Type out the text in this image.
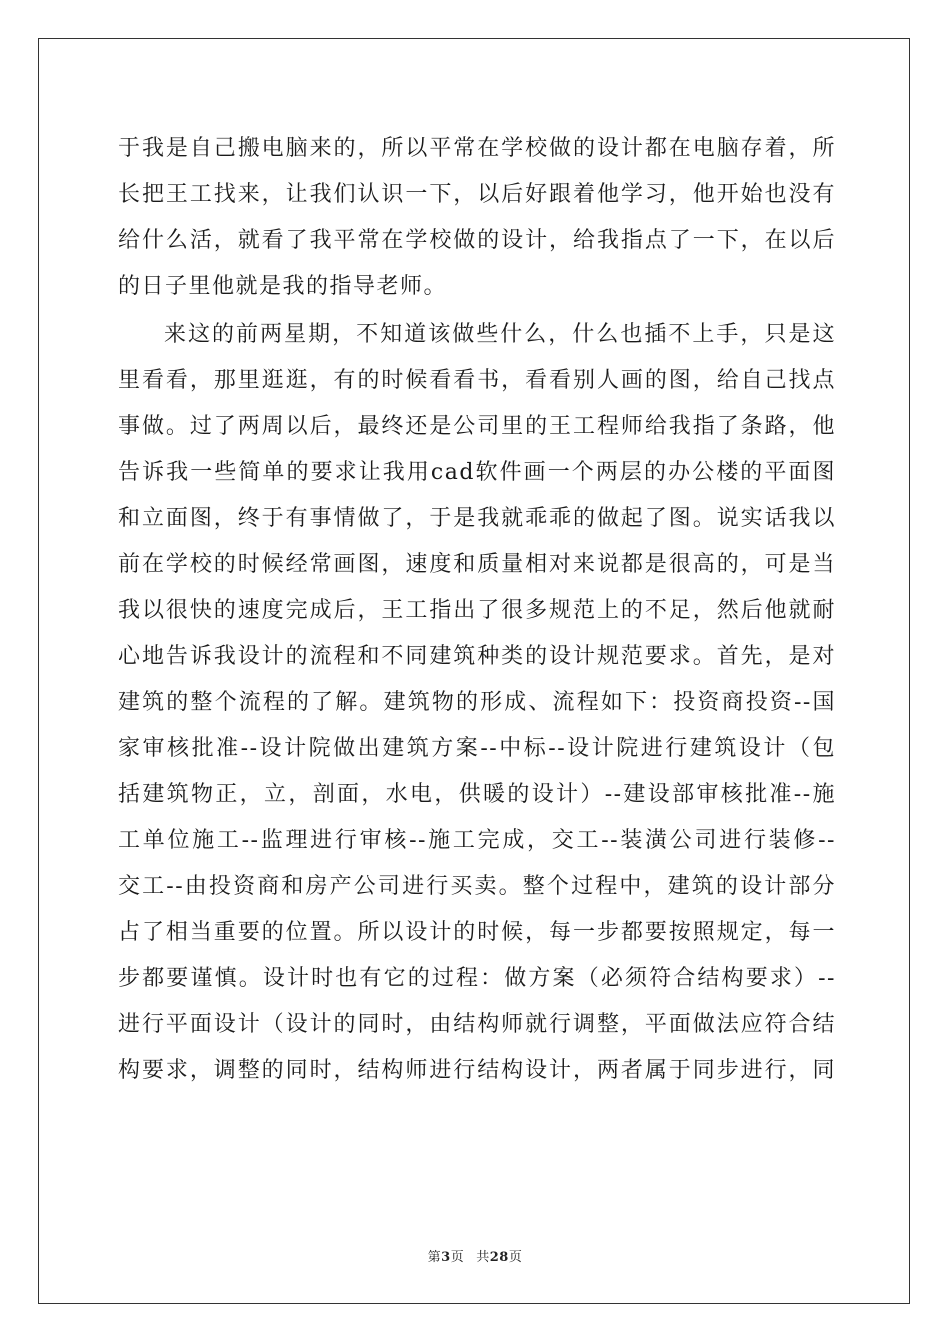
于我是自己搬电脑来的，所以平常在学校做的设计都在电脑存着，所
长把王工找来，让我们认识一下，以后好跟着他学习，他开始也没有
给什么活，就看了我平常在学校做的设计，给我指点了一下，在以后
的日子里他就是我的指导老师。
来这的前两星期，不知道该做些什么，什么也插不上手，只是这
里看看，那里逛逛，有的时候看看书，看看别人画的图，给自己找点
事做。过了两周以后，最终还是公司里的王工程师给我指了条路，他
告诉我一些简单的要求让我用cad软件画一个两层的办公楼的平面图
和立面图，终于有事情做了，于是我就乖乖的做起了图。说实话我以
前在学校的时候经常画图，速度和质量相对来说都是很高的，可是当
我以很快的速度完成后，王工指出了很多规范上的不足，然后他就耐
心地告诉我设计的流程和不同建筑种类的设计规范要求。首先，是对
建筑的整个流程的了解。建筑物的形成、流程如下：投资商投资--国
家审核批准--设计院做出建筑方案--中标--设计院进行建筑设计（包
括建筑物正，立，剖面，水电，供暖的设计）--建设部审核批准--施
工单位施工--监理进行审核--施工完成，交工--装潢公司进行装修--
交工--由投资商和房产公司进行买卖。整个过程中，建筑的设计部分
占了相当重要的位置。所以设计的时候，每一步都要按照规定，每一
步都要谨慎。设计时也有它的过程：做方案（必须符合结构要求）--
进行平面设计（设计的同时，由结构师就行调整，平面做法应符合结
构要求，调整的同时，结构师进行结构设计，两者属于同步进行，同
第3页 共28页
